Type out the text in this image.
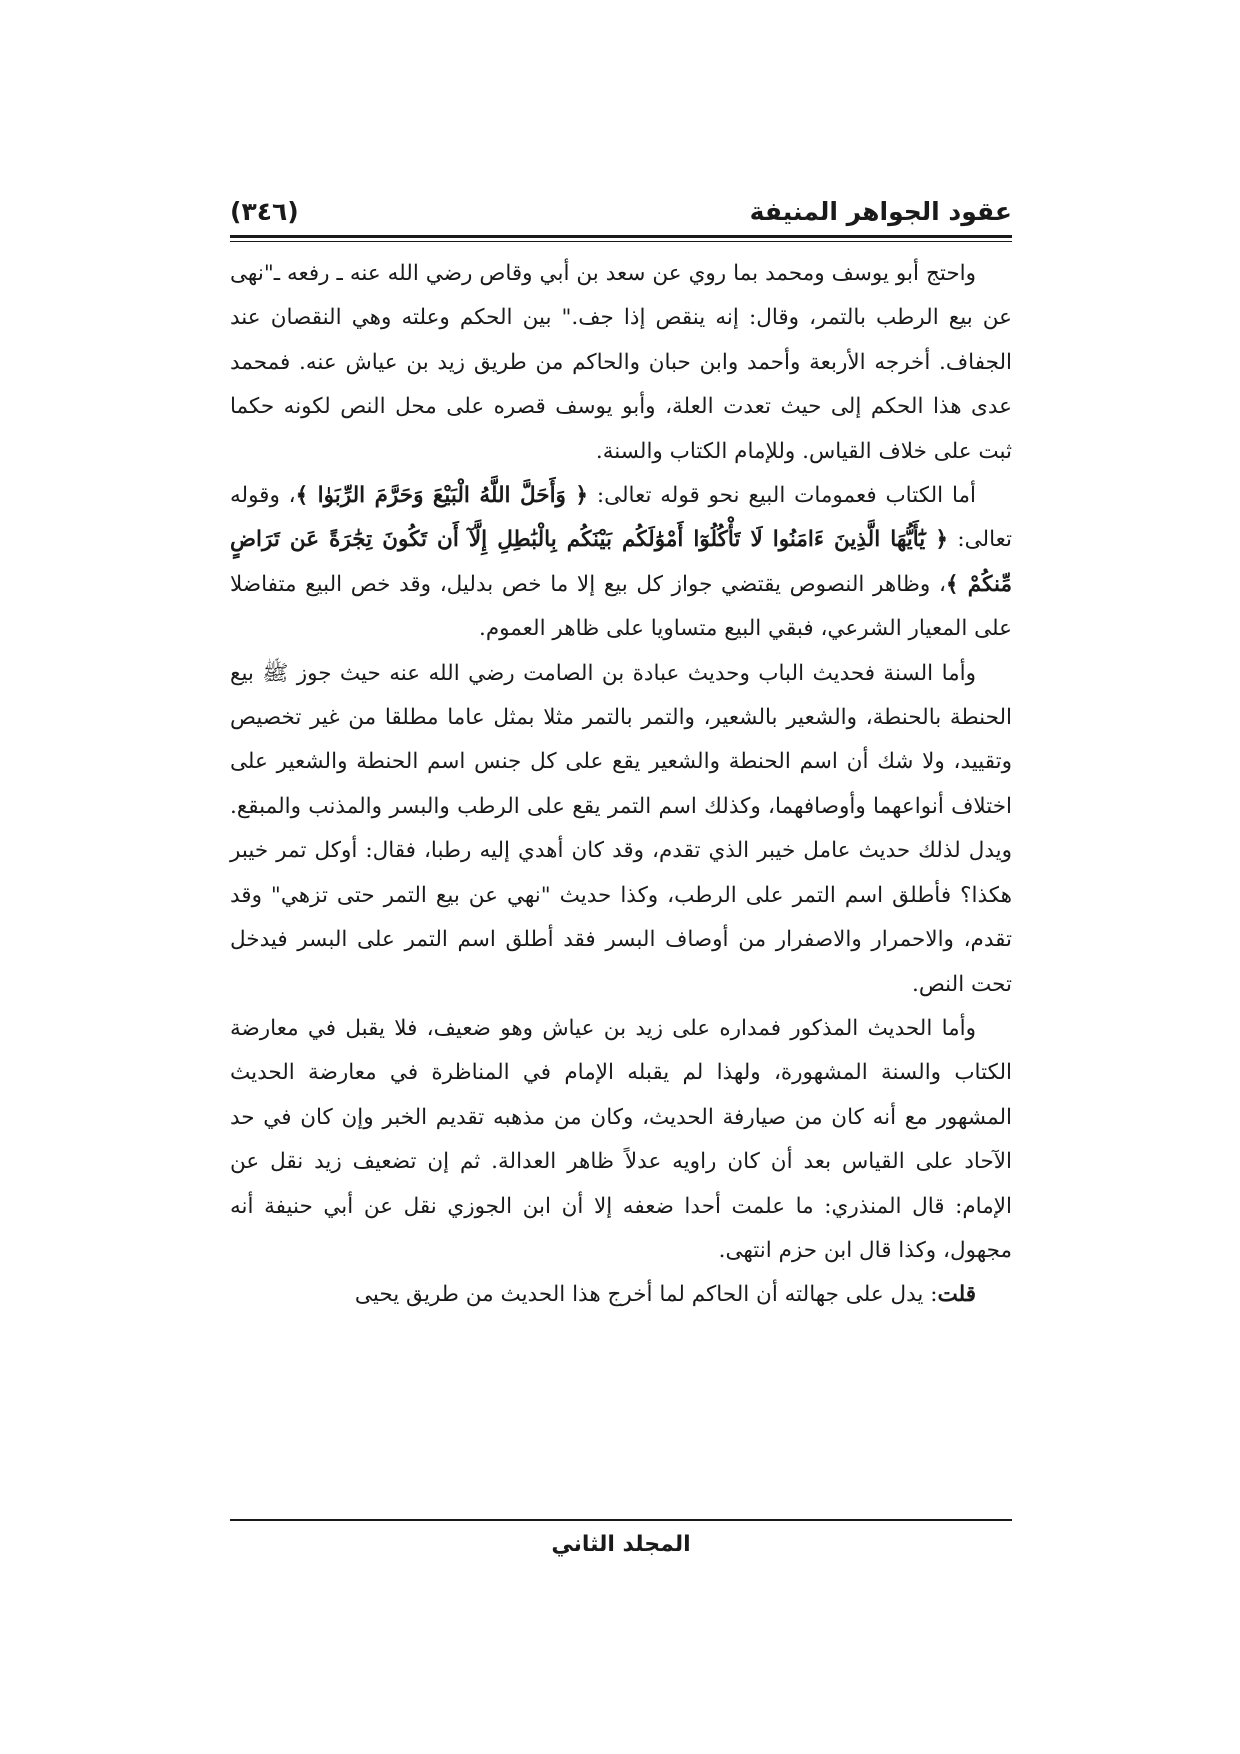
عقود الجواهر المنيفة
(٣٤٦)

واحتج أبو يوسف ومحمد بما روي عن سعد بن أبي وقاص رضي الله عنه ـ رفعه ـ"نهى عن بيع الرطب بالتمر، وقال: إنه ينقص إذا جف." بين الحكم وعلته وهي النقصان عند الجفاف. أخرجه الأربعة وأحمد وابن حبان والحاكم من طريق زيد بن عياش عنه. فمحمد عدى هذا الحكم إلى حيث تعدت العلة، وأبو يوسف قصره على محل النص لكونه حكما ثبت على خلاف القياس. وللإمام الكتاب والسنة.

أما الكتاب فعمومات البيع نحو قوله تعالى: ﴿ وَأَحَلَّ اللَّهُ الْبَيْعَ وَحَرَّمَ الرِّبَوٰا ﴾، وقوله تعالى: ﴿ يَٰٓأَيُّهَا الَّذِينَ ءَامَنُوا لَا تَأْكُلُوٓا أَمْوَٰلَكُم بَيْنَكُم بِالْبَٰطِلِ إِلَّآ أَن تَكُونَ تِجَٰرَةً عَن تَرَاضٍ مِّنكُمْ ﴾، وظاهر النصوص يقتضي جواز كل بيع إلا ما خص بدليل، وقد خص البيع متفاضلا على المعيار الشرعي، فبقي البيع متساويا على ظاهر العموم.

وأما السنة فحديث الباب وحديث عبادة بن الصامت رضي الله عنه حيث جوز ﷺ بيع الحنطة بالحنطة، والشعير بالشعير، والتمر بالتمر مثلا بمثل عاما مطلقا من غير تخصيص وتقييد، ولا شك أن اسم الحنطة والشعير يقع على كل جنس اسم الحنطة والشعير على اختلاف أنواعهما وأوصافهما، وكذلك اسم التمر يقع على الرطب والبسر والمذنب والمبقع. ويدل لذلك حديث عامل خيبر الذي تقدم، وقد كان أهدي إليه رطبا، فقال: أوكل تمر خيبر هكذا؟ فأطلق اسم التمر على الرطب، وكذا حديث "نهي عن بيع التمر حتى تزهي" وقد تقدم، والاحمرار والاصفرار من أوصاف البسر فقد أطلق اسم التمر على البسر فيدخل تحت النص.

وأما الحديث المذكور فمداره على زيد بن عياش وهو ضعيف، فلا يقبل في معارضة الكتاب والسنة المشهورة، ولهذا لم يقبله الإمام في المناظرة في معارضة الحديث المشهور مع أنه كان من صيارفة الحديث، وكان من مذهبه تقديم الخبر وإن كان في حد الآحاد على القياس بعد أن كان راويه عدلاً ظاهر العدالة. ثم إن تضعيف زيد نقل عن الإمام: قال المنذري: ما علمت أحدا ضعفه إلا أن ابن الجوزي نقل عن أبي حنيفة أنه مجهول، وكذا قال ابن حزم انتهى.

قلت: يدل على جهالته أن الحاكم لما أخرج هذا الحديث من طريق يحيى

المجلد الثاني
